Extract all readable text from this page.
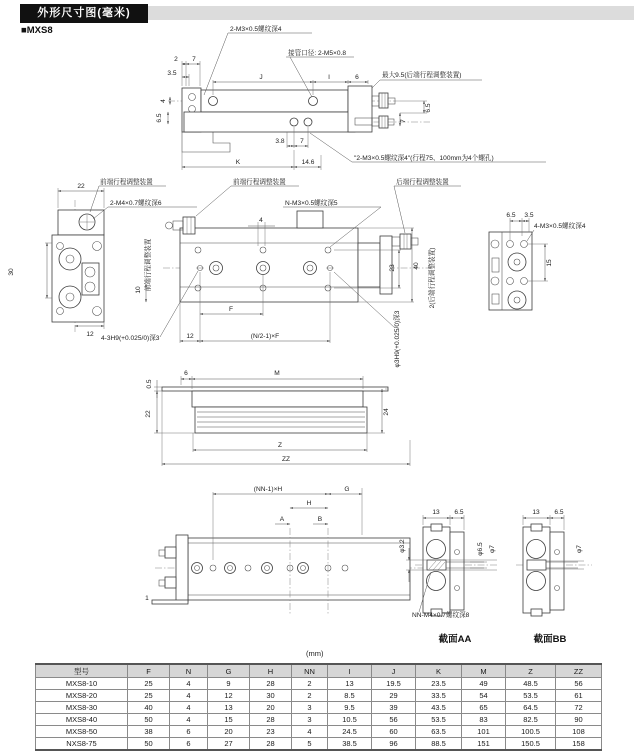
外形尺寸图(毫米)
■MXS8
2 7
3.5
4
6.5
J	I	6
2-M3×0.5螺纹深4
接管口径: 2-M5×0.8
最大9.5(后端行程调整装置)
"2-M3×0.5螺纹深4"(行程75、100mm为4个螺孔)
6.5
7
3.8 7
K	14.6
22
30
12
前端行程调整装置
2-M4×0.7螺纹深6
4
前端行程调整装置
10
23	40	2(后端行程调整装置)
F
12	(N/2-1)×F
4-3H9(+0.025/0)深3	φ3H9(+0.025/0)深3
前端行程调整装置
N-M3×0.5螺纹深5
后端行程调整装置
6.5 3.5
4-M3×0.5螺纹深4
15
6	M
0.5
22	24
Z
ZZ
1
(NN-1)×H	G
H
A	B
13 6.5
φ3.2	φ6.5 φ7
NN-M4×0.7螺纹深8
截面AA
13 6.5
φ7
截面BB
(mm)
型号	F	N	G	H	NN	I	J	K	M	Z	ZZ
MXS8-10	25	4	9	28	2	13	19.5	23.5	49	48.5	56
MXS8-20	25	4	12	30	2	8.5	29	33.5	54	53.5	61
MXS8-30	40	4	13	20	3	9.5	39	43.5	65	64.5	72
MXS8-40	50	4	15	28	3	10.5	56	53.5	83	82.5	90
MXS8-50	38	6	20	23	4	24.5	60	63.5	101	100.5	108
NXS8-75	50	6	27	28	5	38.5	96	88.5	151	150.5	158
